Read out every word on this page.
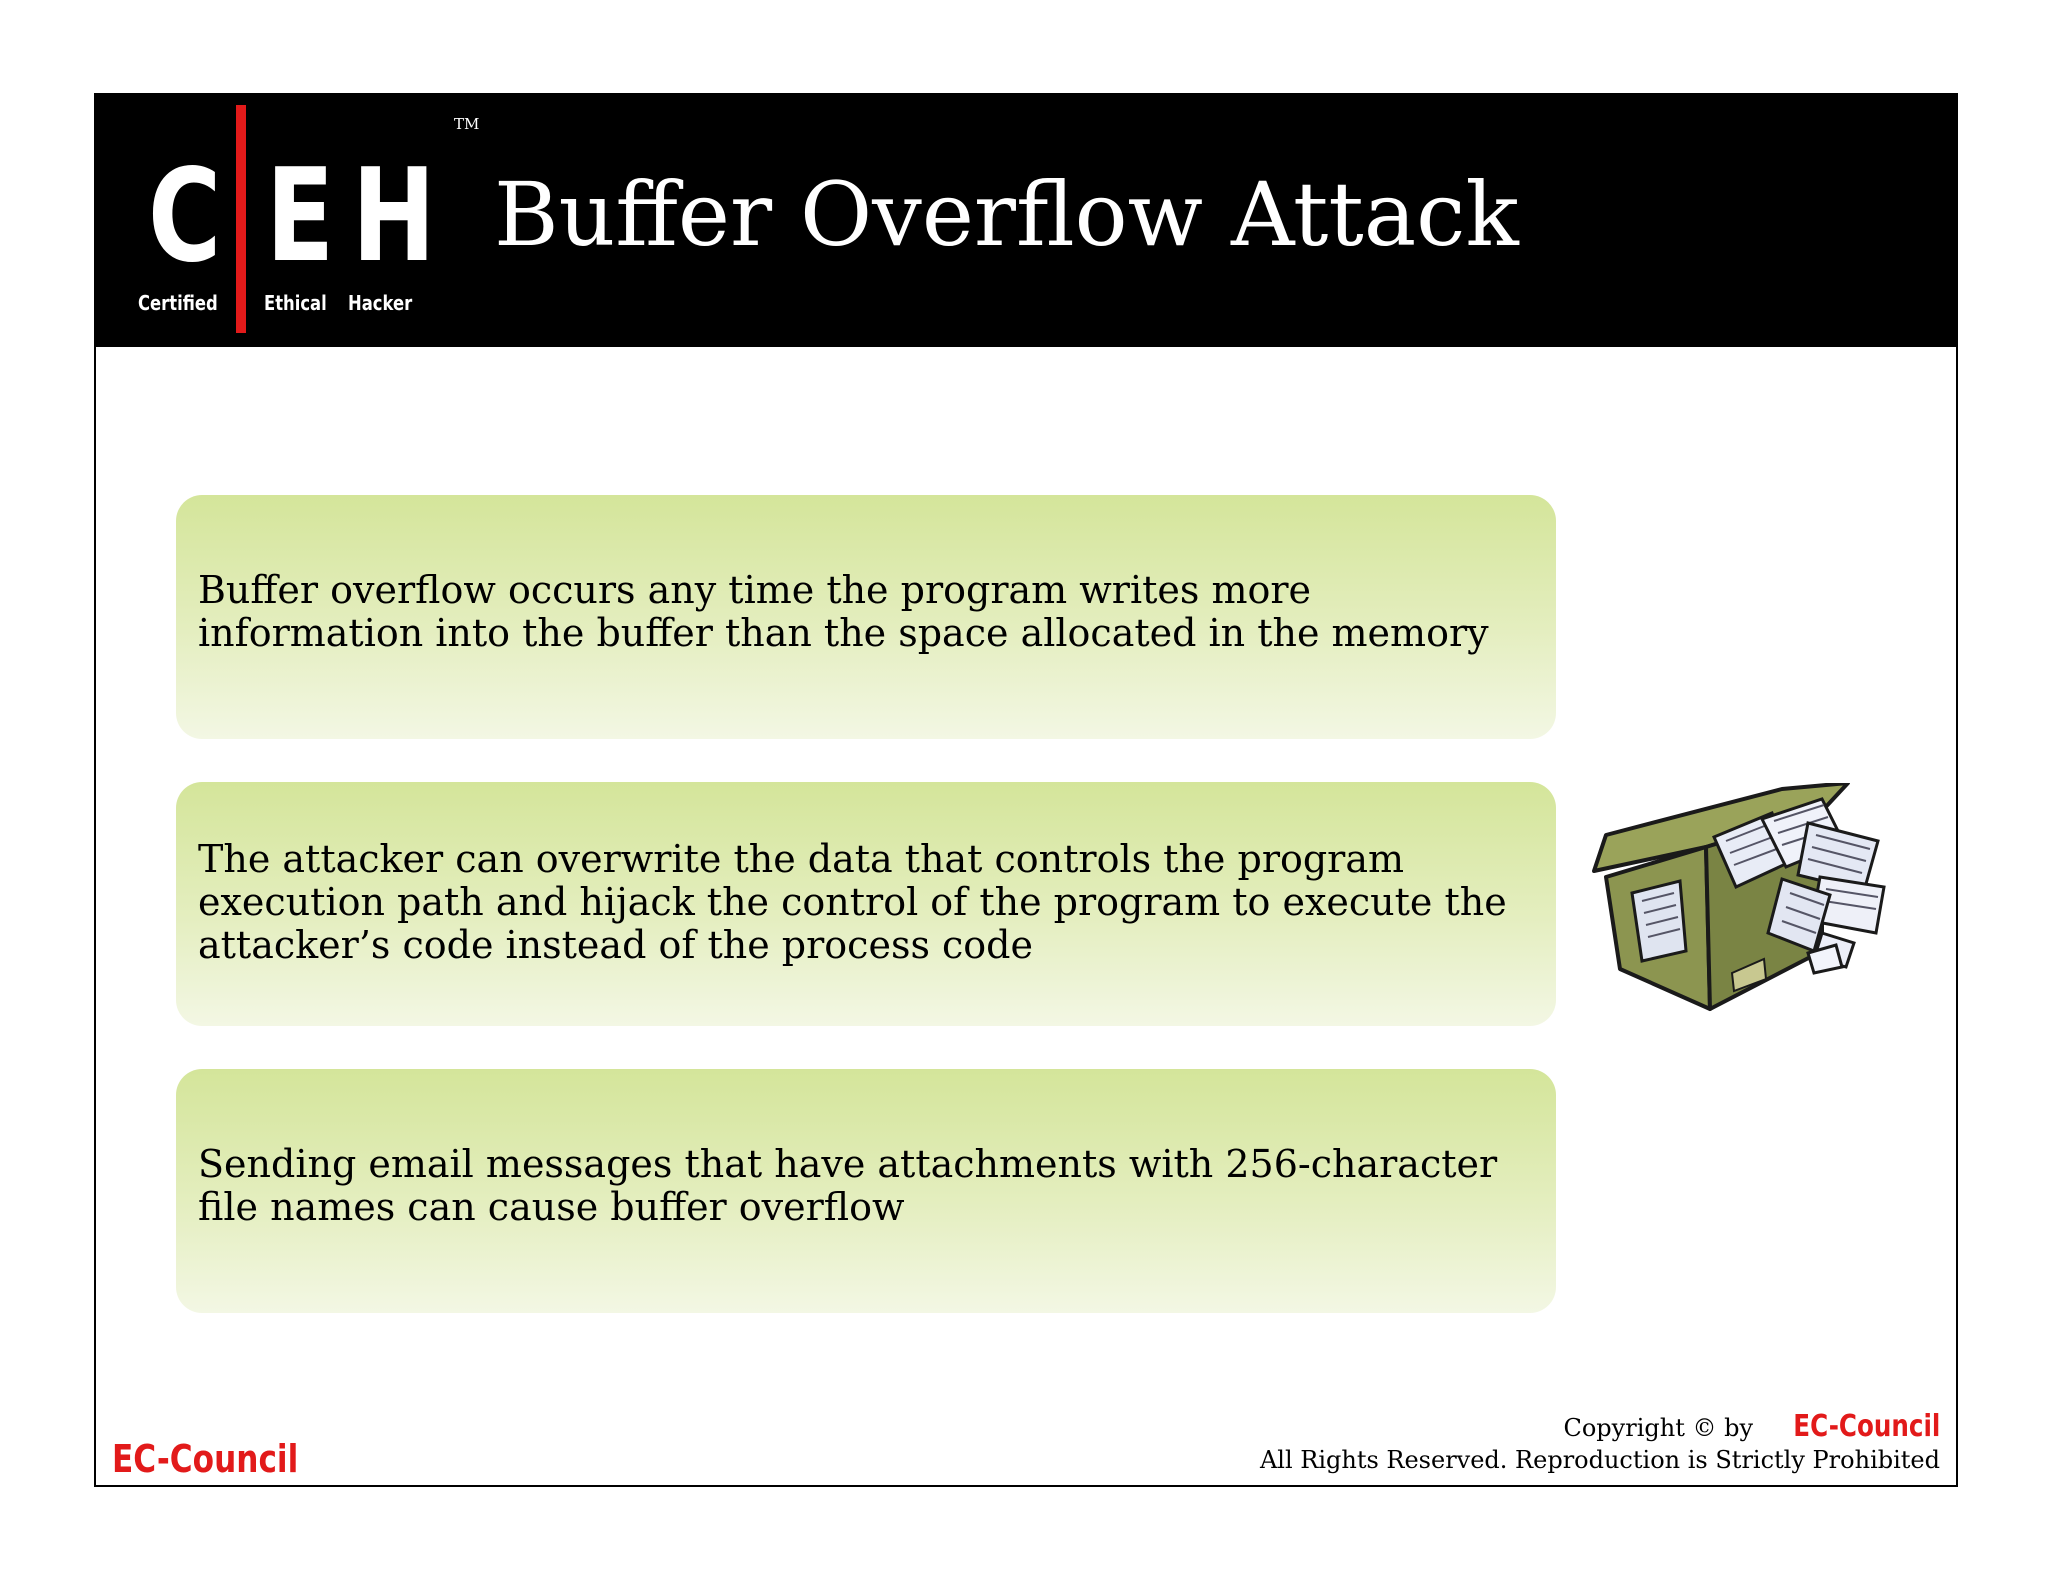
C E H
TM
Certified Ethical Hacker
Buffer Overflow Attack

Buffer overflow occurs any time the program writes more information into the buffer than the space allocated in the memory

The attacker can overwrite the data that controls the program execution path and hijack the control of the program to execute the attacker’s code instead of the process code

Sending email messages that have attachments with 256-character file names can cause buffer overflow

EC-Council
Copyright © by EC-Council
All Rights Reserved. Reproduction is Strictly Prohibited
